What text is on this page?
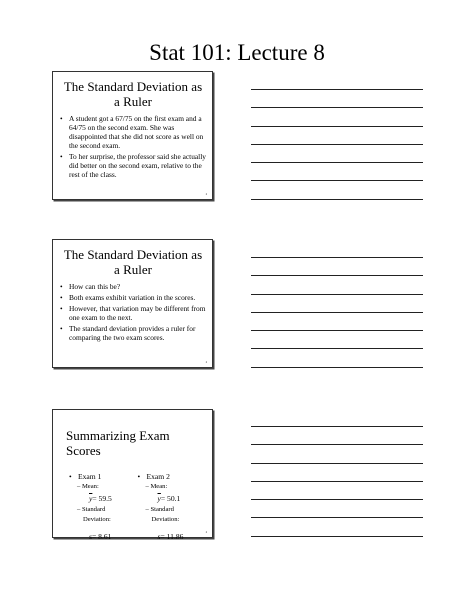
Stat 101: Lecture 8
The Standard Deviation as a Ruler
• A student got a 67/75 on the first exam and a 64/75 on the second exam. She was disappointed that she did not score as well on the second exam.
• To her surprise, the professor said she actually did better on the second exam, relative to the rest of the class.
1
The Standard Deviation as a Ruler
• How can this be?
• Both exams exhibit variation in the scores.
• However, that variation may be different from one exam to the next.
• The standard deviation provides a ruler for comparing the two exam scores.
1
Summarizing Exam Scores
• Exam 1
– Mean:
$\overline{y}= 59.5$
– Standard
Deviation:
s= 8.61
• Exam 2
– Mean:
$\overline{y}= 50.1$
– Standard
Deviation:
s= 11.86	1
